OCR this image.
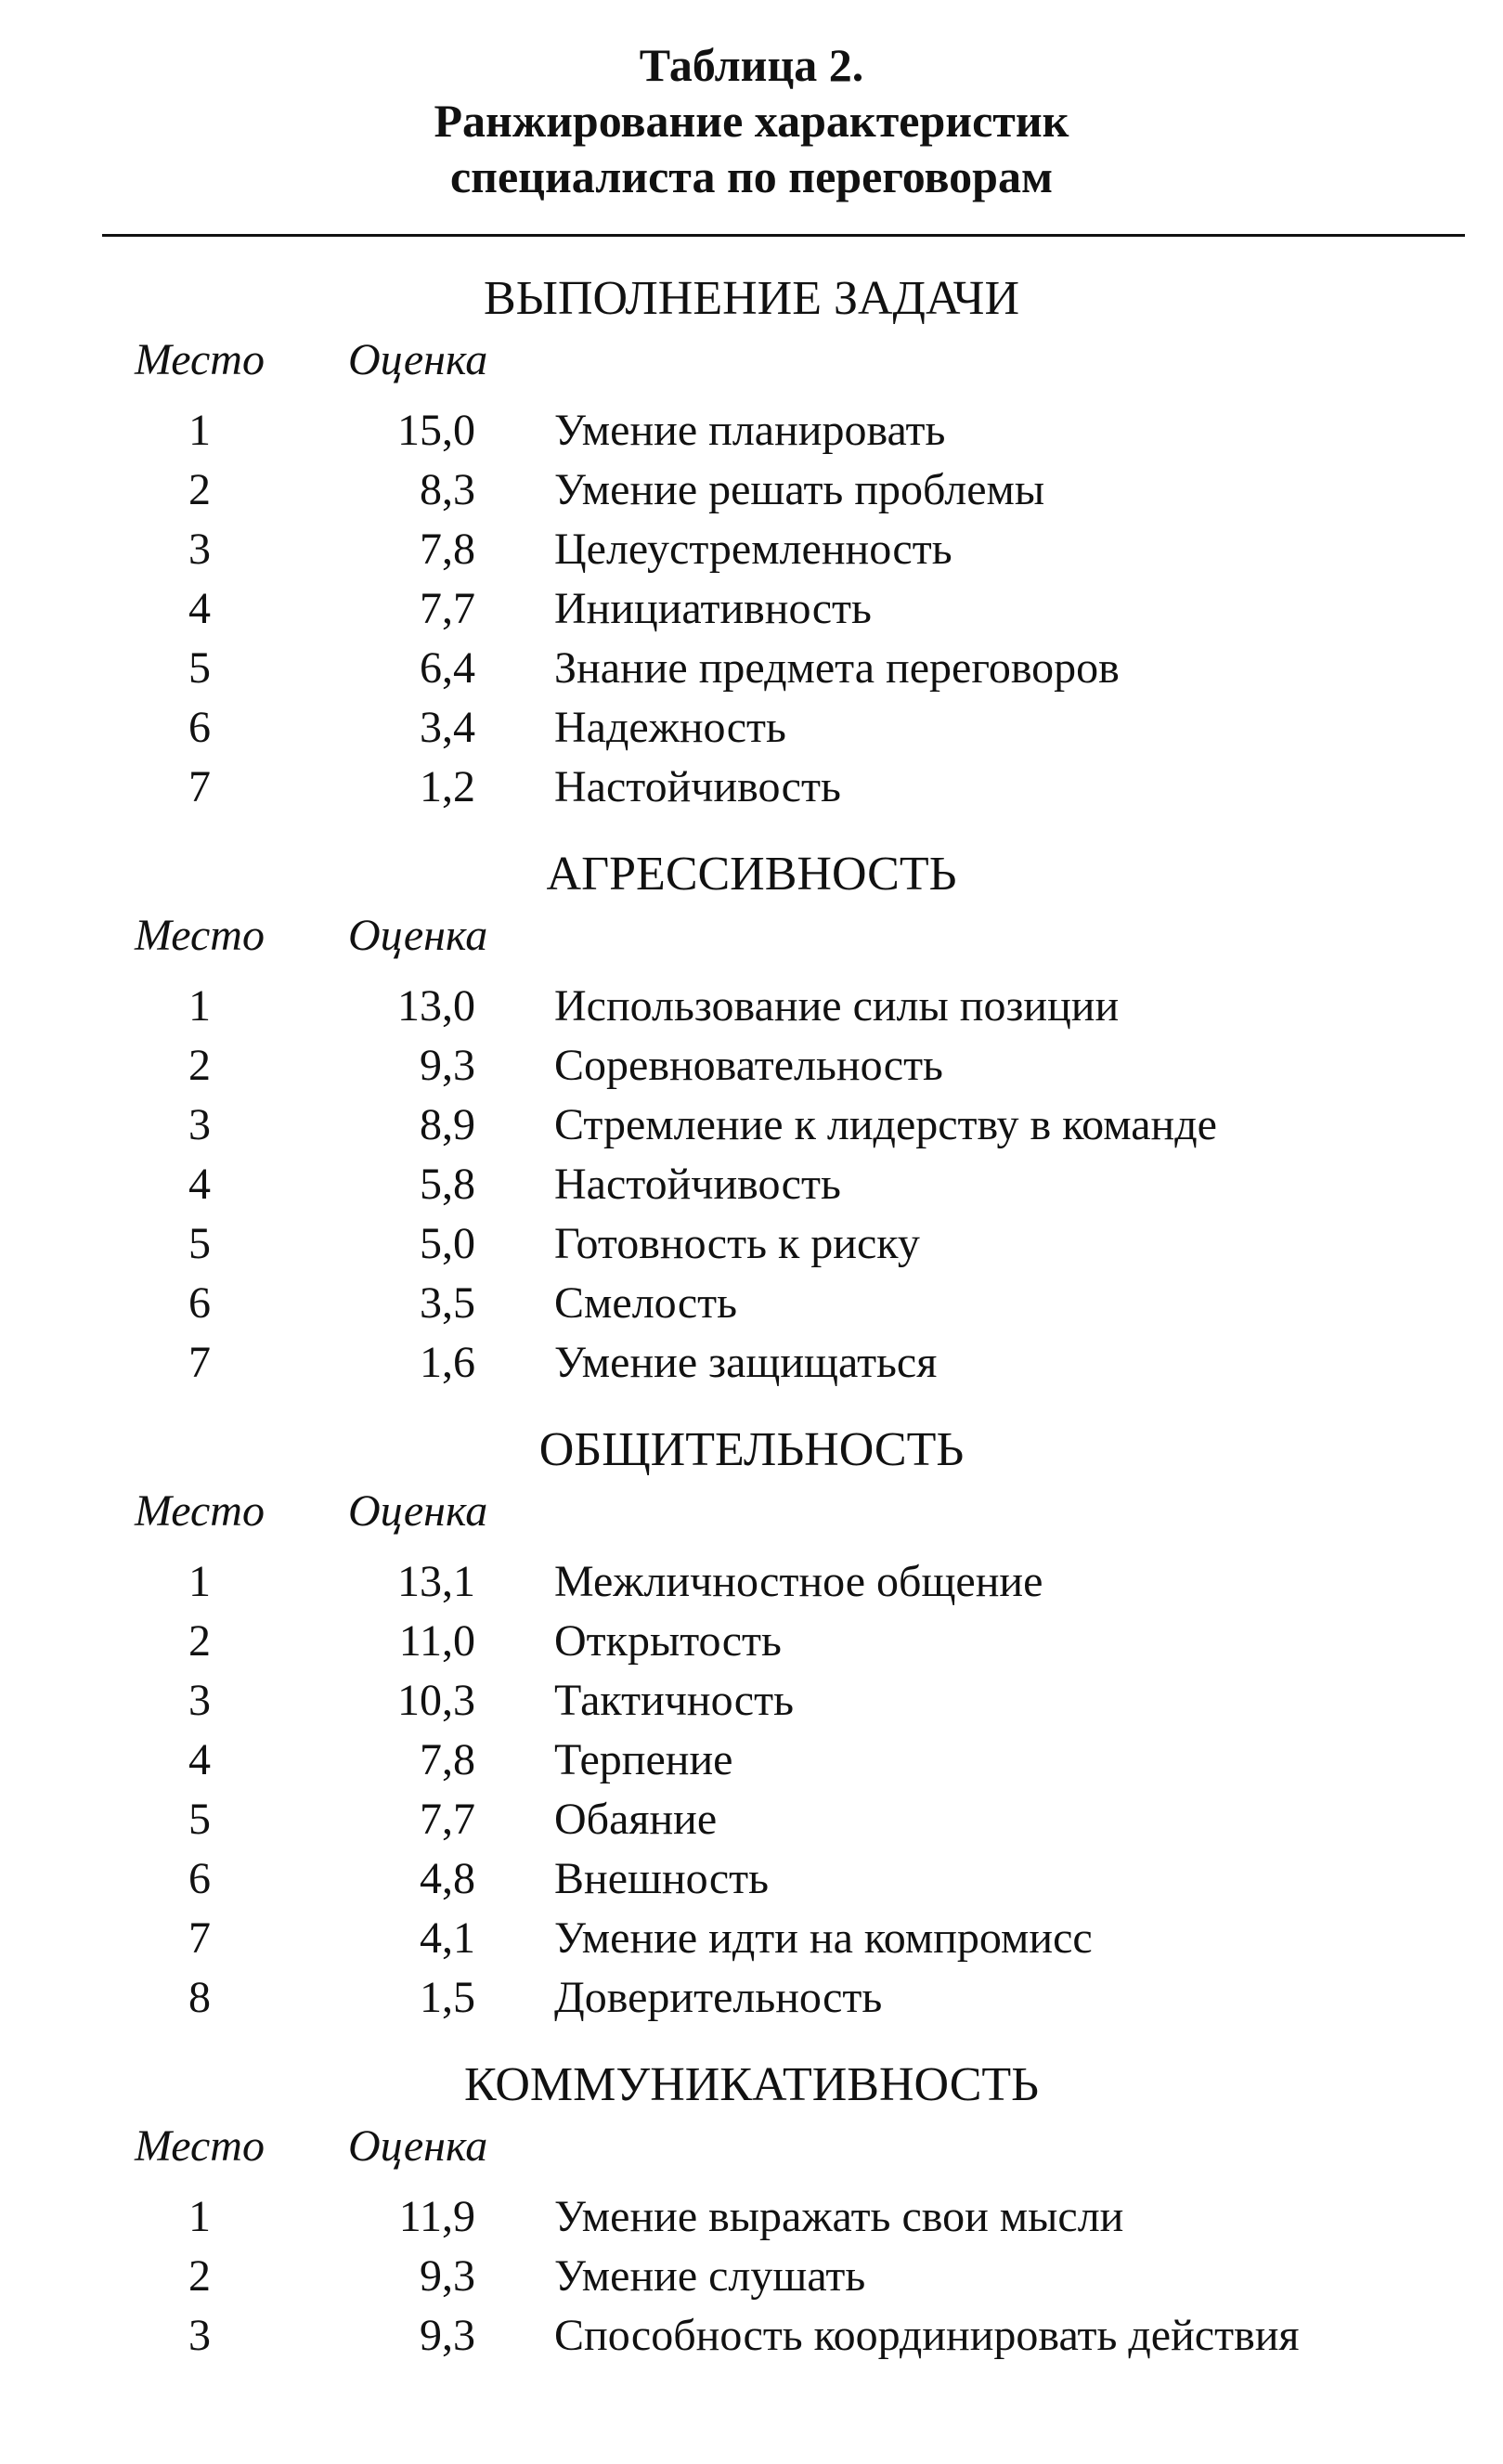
Таблица 2.
Ранжирование характеристик
специалиста по переговорам
ВЫПОЛНЕНИЕ ЗАДАЧИ
Место Оценка
1	15,0 Умение планировать
2	8,3 Умение решать проблемы
3	7,8 Целеустремленность
4	7,7 Инициативность
5	6,4 Знание предмета переговоров
6	3,4 Надежность
7	1,2 Настойчивость
АГРЕССИВНОСТЬ
Место Оценка
1	13,0 Использование силы позиции
2	9,3 Соревновательность
3	8,9 Стремление к лидерству в команде
4	5,8 Настойчивость
5	5,0 Готовность к риску
6	3,5 Смелость
7	1,6 Умение защищаться
ОБЩИТЕЛЬНОСТЬ
Место Оценка
1	13,1 Межличностное общение
2	11,0 Открытость
3	10,3 Тактичность
4	7,8 Терпение
5	7,7 Обаяние
6	4,8 Внешность
7	4,1 Умение идти на компромисс
8	1,5 Доверительность
КОММУНИКАТИВНОСТЬ
Место Оценка
1	11,9 Умение выражать свои мысли
2	9,3 Умение слушать
3	9,3 Способность координировать действия
